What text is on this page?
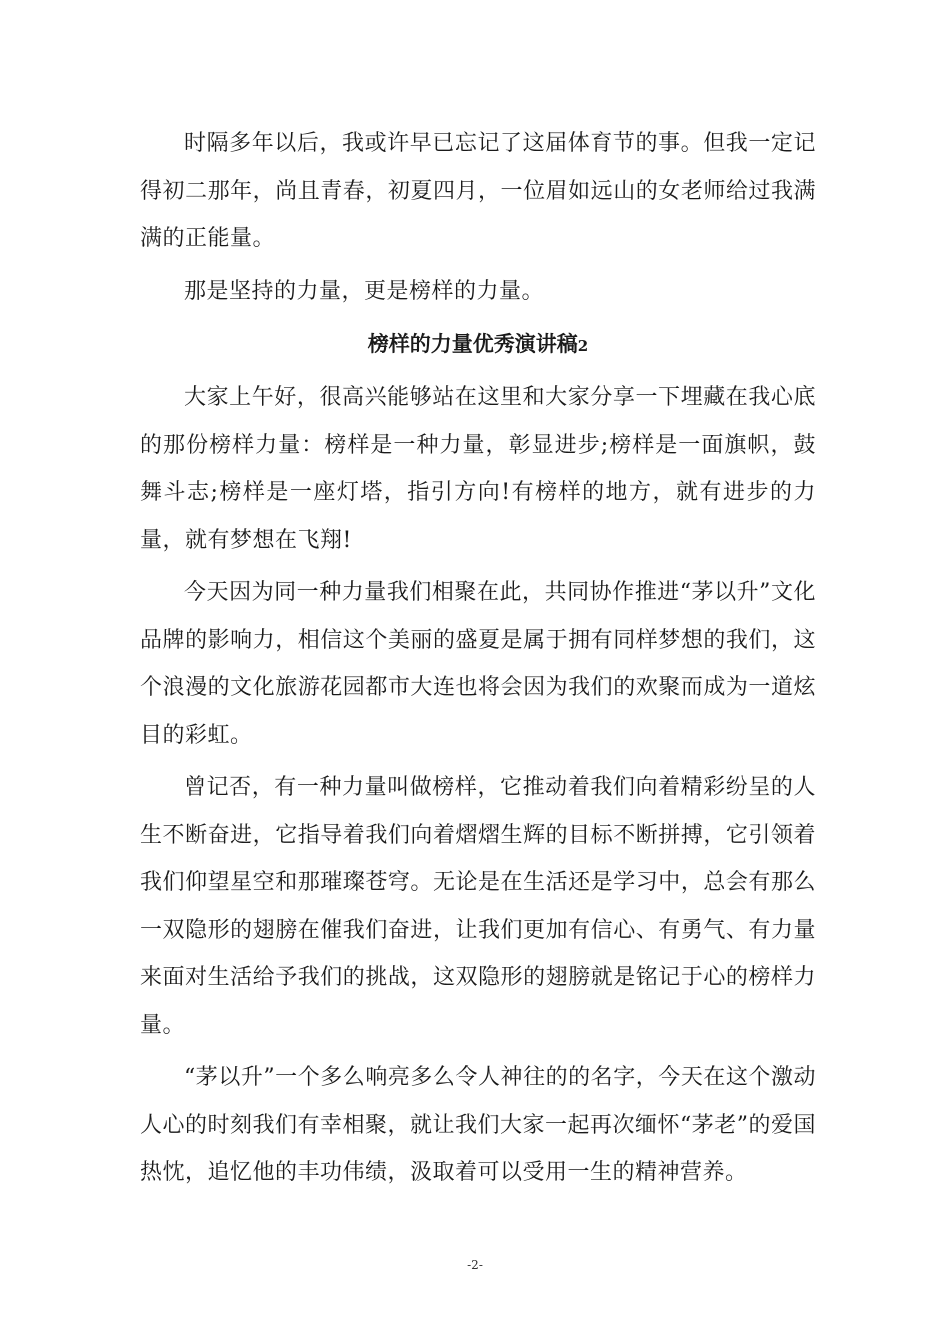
时隔多年以后，我或许早已忘记了这届体育节的事。但我一定记得初二那年，尚且青春，初夏四月，一位眉如远山的女老师给过我满满的正能量。

那是坚持的力量，更是榜样的力量。

榜样的力量优秀演讲稿2

大家上午好，很高兴能够站在这里和大家分享一下埋藏在我心底的那份榜样力量：榜样是一种力量，彰显进步;榜样是一面旗帜，鼓舞斗志;榜样是一座灯塔，指引方向!有榜样的地方，就有进步的力量，就有梦想在飞翔!

今天因为同一种力量我们相聚在此，共同协作推进“茅以升”文化品牌的影响力，相信这个美丽的盛夏是属于拥有同样梦想的我们，这个浪漫的文化旅游花园都市大连也将会因为我们的欢聚而成为一道炫目的彩虹。

曾记否，有一种力量叫做榜样，它推动着我们向着精彩纷呈的人生不断奋进，它指导着我们向着熠熠生辉的目标不断拼搏，它引领着我们仰望星空和那璀璨苍穹。无论是在生活还是学习中，总会有那么一双隐形的翅膀在催我们奋进，让我们更加有信心、有勇气、有力量来面对生活给予我们的挑战，这双隐形的翅膀就是铭记于心的榜样力量。

“茅以升”一个多么响亮多么令人神往的的名字，今天在这个激动人心的时刻我们有幸相聚，就让我们大家一起再次缅怀“茅老”的爱国热忱，追忆他的丰功伟绩，汲取着可以受用一生的精神营养。

-2-
